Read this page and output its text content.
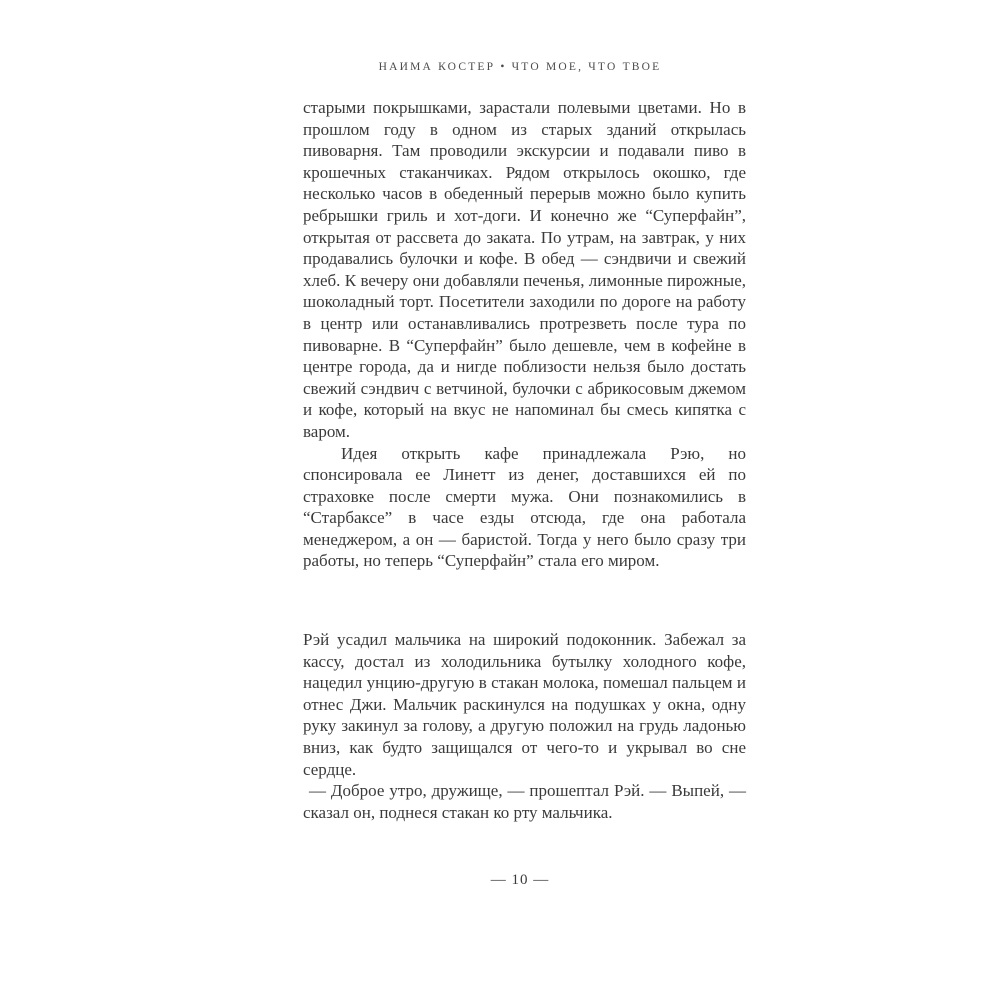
НАИМА КОСТЕР • ЧТО МОЕ, ЧТО ТВОЕ

старыми покрышками, зарастали полевыми цветами. Но в прошлом году в одном из старых зданий открылась пивоварня. Там проводили экскурсии и подавали пиво в крошечных стаканчиках. Рядом открылось окошко, где несколько часов в обеденный перерыв можно было купить ребрышки гриль и хот-доги. И конечно же “Суперфайн”, открытая от рассвета до заката. По утрам, на завтрак, у них продавались булочки и кофе. В обед — сэндвичи и свежий хлеб. К вечеру они добавляли печенья, лимонные пирожные, шоколадный торт. Посетители заходили по дороге на работу в центр или останавливались протрезветь после тура по пивоварне. В “Суперфайн” было дешевле, чем в кофейне в центре города, да и нигде поблизости нельзя было достать свежий сэндвич с ветчиной, булочки с абрикосовым джемом и кофе, который на вкус не напоминал бы смесь кипятка с варом.

Идея открыть кафе принадлежала Рэю, но спонсировала ее Линетт из денег, доставшихся ей по страховке после смерти мужа. Они познакомились в “Старбаксе” в часе езды отсюда, где она работала менеджером, а он — баристой. Тогда у него было сразу три работы, но теперь “Суперфайн” стала его миром.

Рэй усадил мальчика на широкий подоконник. Забежал за кассу, достал из холодильника бутылку холодного кофе, нацедил унцию-другую в стакан молока, помешал пальцем и отнес Джи. Мальчик раскинулся на подушках у окна, одну руку закинул за голову, а другую положил на грудь ладонью вниз, как будто защищался от чего-то и укрывал во сне сердце.

— Доброе утро, дружище, — прошептал Рэй. — Выпей, — сказал он, поднеся стакан ко рту мальчика.

— 10 —
